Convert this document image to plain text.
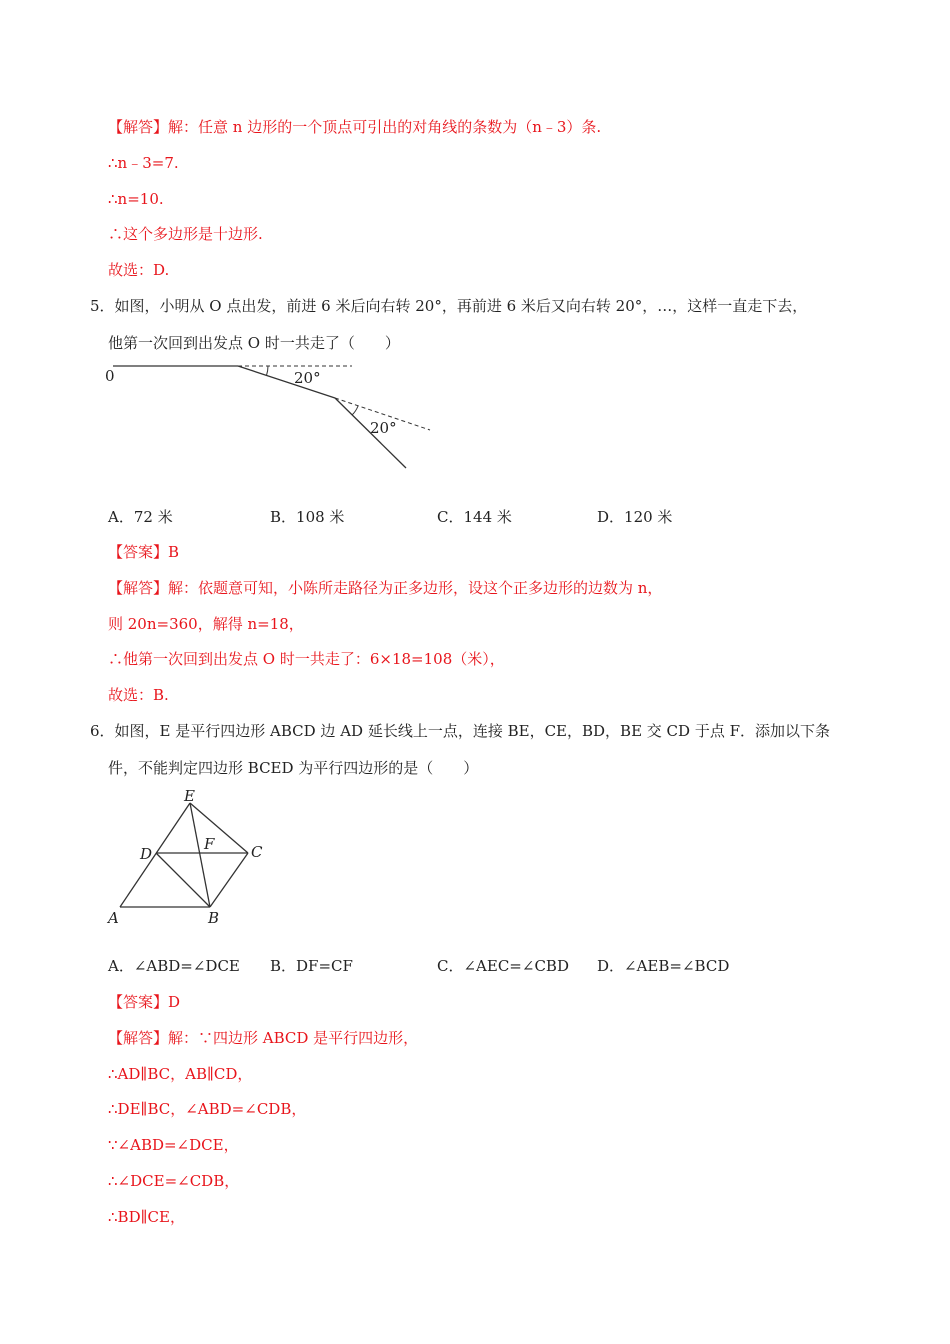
【解答】解：任意 n 边形的一个顶点可引出的对角线的条数为（n﹣3）条.
∴n﹣3=7.
∴n=10.
∴这个多边形是十边形.
故选：D.
5．如图，小明从 O 点出发，前进 6 米后向右转 20°，再前进 6 米后又向右转 20°，…，这样一直走下去，
他第一次回到出发点 O 时一共走了（　　）
0	20°
20°
A．72 米	B．108 米	C．144 米	D．120 米
【答案】B
【解答】解：依题意可知，小陈所走路径为正多边形，设这个正多边形的边数为 n，
则 20n=360，解得 n=18，
∴他第一次回到出发点 O 时一共走了：6×18=108（米），
故选：B.
6．如图，E 是平行四边形 ABCD 边 AD 延长线上一点，连接 BE，CE，BD，BE 交 CD 于点 F．添加以下条
件，不能判定四边形 BCED 为平行四边形的是（　　）
E
D
F C
A	B
A．∠ABD=∠DCE B．DF=CF	C．∠AEC=∠CBD D．∠AEB=∠BCD
【答案】D
【解答】解：∵四边形 ABCD 是平行四边形，
∴AD∥BC，AB∥CD，
∴DE∥BC，∠ABD=∠CDB，
∵∠ABD=∠DCE，
∴∠DCE=∠CDB，
∴BD∥CE，
